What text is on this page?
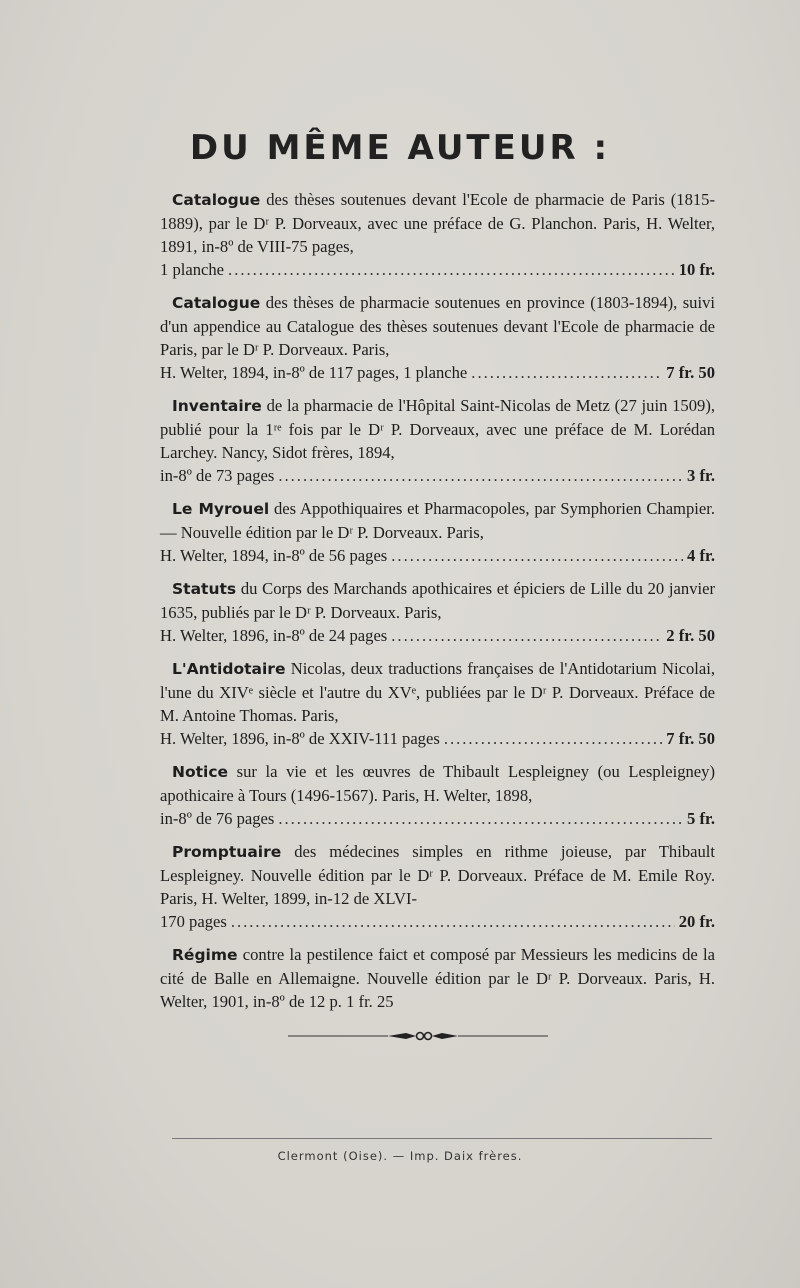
DU MÊME AUTEUR :

Catalogue des thèses soutenues devant l'Ecole de pharmacie de Paris (1815-1889), par le Dʳ P. Dorveaux, avec une préface de G. Planchon. Paris, H. Welter, 1891, in-8º de VIII-75 pages,
1 planche .....	10 fr.

Catalogue des thèses de pharmacie soutenues en province (1803-1894), suivi d'un appendice au Catalogue des thèses soutenues devant l'Ecole de pharmacie de Paris, par le Dʳ P. Dorveaux. Paris,
H. Welter, 1894, in-8º de 117 pages, 1 planche .....	7 fr. 50

Inventaire de la pharmacie de l'Hôpital Saint-Nicolas de Metz (27 juin 1509), publié pour la 1ʳᵉ fois par le Dʳ P. Dorveaux, avec une préface de M. Lorédan Larchey. Nancy, Sidot frères, 1894,
in-8º de 73 pages .....	3 fr.

Le Myrouel des Appothiquaires et Pharmacopoles, par Symphorien Champier. — Nouvelle édition par le Dʳ P. Dorveaux. Paris,
H. Welter, 1894, in-8º de 56 pages .....	4 fr.

Statuts du Corps des Marchands apothicaires et épiciers de Lille du 20 janvier 1635, publiés par le Dʳ P. Dorveaux. Paris,
H. Welter, 1896, in-8º de 24 pages .....	2 fr. 50

L'Antidotaire Nicolas, deux traductions françaises de l'Antidotarium Nicolai, l'une du XIVᵉ siècle et l'autre du XVᵉ, publiées par le Dʳ P. Dorveaux. Préface de M. Antoine Thomas. Paris,
H. Welter, 1896, in-8º de XXIV-111 pages .....	7 fr. 50

Notice sur la vie et les œuvres de Thibault Lespleigney (ou Lespleigney) apothicaire à Tours (1496-1567). Paris, H. Welter, 1898,
in-8º de 76 pages .....	5 fr.

Promptuaire des médecines simples en rithme joieuse, par Thibault Lespleigney. Nouvelle édition par le Dʳ P. Dorveaux. Préface de M. Emile Roy. Paris, H. Welter, 1899, in-12 de XLVI-
170 pages .....	20 fr.

Régime contre la pestilence faict et composé par Messieurs les medicins de la cité de Balle en Allemaigne. Nouvelle édition par le Dʳ P. Dorveaux. Paris, H. Welter, 1901, in-8º de 12 p. 1 fr. 25

Clermont (Oise). — Imp. Daix frères.
